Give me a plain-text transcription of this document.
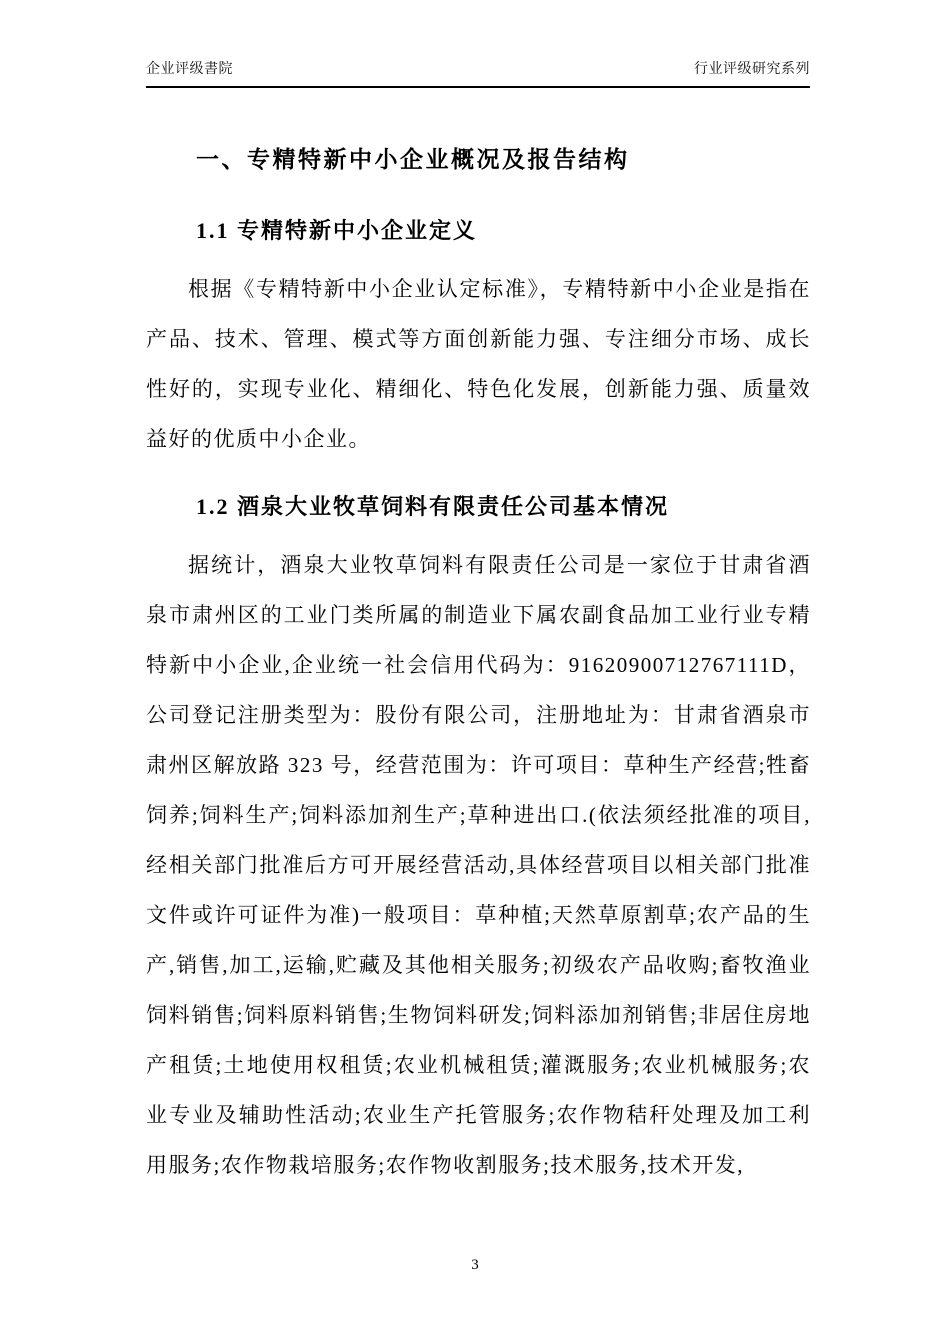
企业评级書院	行业评级研究系列
一、专精特新中小企业概况及报告结构
1.1 专精特新中小企业定义

根据《专精特新中小企业认定标准》，专精特新中小企业是指在产品、技术、管理、模式等方面创新能力强、专注细分市场、成长性好的，实现专业化、精细化、特色化发展，创新能力强、质量效益好的优质中小企业。

1.2 酒泉大业牧草饲料有限责任公司基本情况

据统计，酒泉大业牧草饲料有限责任公司是一家位于甘肃省酒泉市肃州区的工业门类所属的制造业下属农副食品加工业行业专精特新中小企业,企业统一社会信用代码为：91620900712767111D，公司登记注册类型为：股份有限公司，注册地址为：甘肃省酒泉市肃州区解放路 323 号，经营范围为：许可项目：草种生产经营;牲畜饲养;饲料生产;饲料添加剂生产;草种进出口.(依法须经批准的项目,经相关部门批准后方可开展经营活动,具体经营项目以相关部门批准文件或许可证件为准)一般项目：草种植;天然草原割草;农产品的生产,销售,加工,运输,贮藏及其他相关服务;初级农产品收购;畜牧渔业饲料销售;饲料原料销售;生物饲料研发;饲料添加剂销售;非居住房地产租赁;土地使用权租赁;农业机械租赁;灌溉服务;农业机械服务;农业专业及辅助性活动;农业生产托管服务;农作物秸秆处理及加工利用服务;农作物栽培服务;农作物收割服务;技术服务,技术开发,

3
